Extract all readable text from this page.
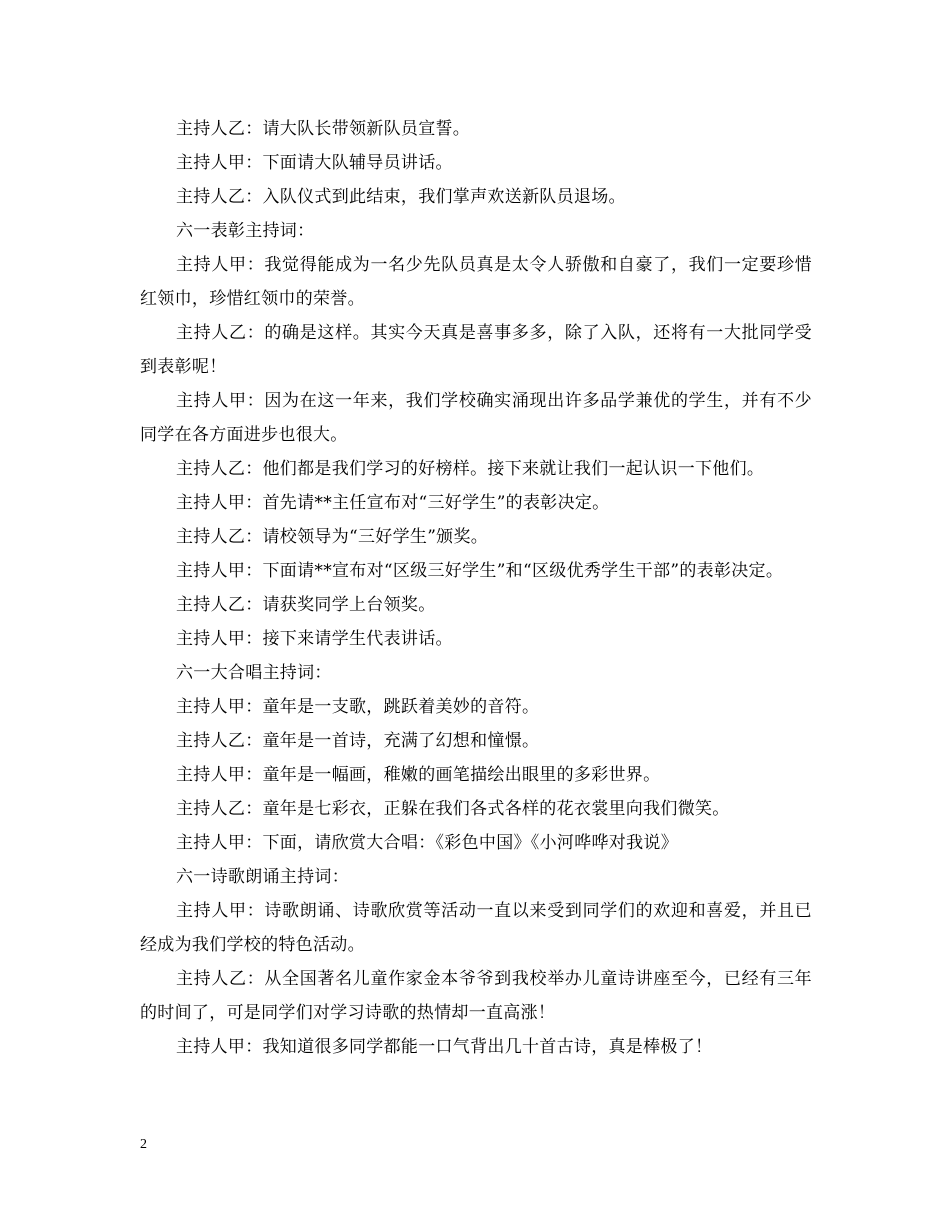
主持人乙：请大队长带领新队员宣誓。

主持人甲：下面请大队辅导员讲话。

主持人乙：入队仪式到此结束，我们掌声欢送新队员退场。

六一表彰主持词：

主持人甲：我觉得能成为一名少先队员真是太令人骄傲和自豪了，我们一定要珍惜红领巾，珍惜红领巾的荣誉。

主持人乙：的确是这样。其实今天真是喜事多多，除了入队，还将有一大批同学受到表彰呢！

主持人甲：因为在这一年来，我们学校确实涌现出许多品学兼优的学生，并有不少同学在各方面进步也很大。

主持人乙：他们都是我们学习的好榜样。接下来就让我们一起认识一下他们。

主持人甲：首先请**主任宣布对“三好学生”的表彰决定。

主持人乙：请校领导为“三好学生”颁奖。

主持人甲：下面请**宣布对“区级三好学生”和“区级优秀学生干部”的表彰决定。

主持人乙：请获奖同学上台领奖。

主持人甲：接下来请学生代表讲话。

六一大合唱主持词：

主持人甲：童年是一支歌，跳跃着美妙的音符。

主持人乙：童年是一首诗，充满了幻想和憧憬。

主持人甲：童年是一幅画，稚嫩的画笔描绘出眼里的多彩世界。

主持人乙：童年是七彩衣，正躲在我们各式各样的花衣裳里向我们微笑。

主持人甲：下面，请欣赏大合唱：《彩色中国》《小河哗哗对我说》

六一诗歌朗诵主持词：

主持人甲：诗歌朗诵、诗歌欣赏等活动一直以来受到同学们的欢迎和喜爱，并且已经成为我们学校的特色活动。

主持人乙：从全国著名儿童作家金本爷爷到我校举办儿童诗讲座至今，已经有三年的时间了，可是同学们对学习诗歌的热情却一直高涨！

主持人甲：我知道很多同学都能一口气背出几十首古诗，真是棒极了！

2
